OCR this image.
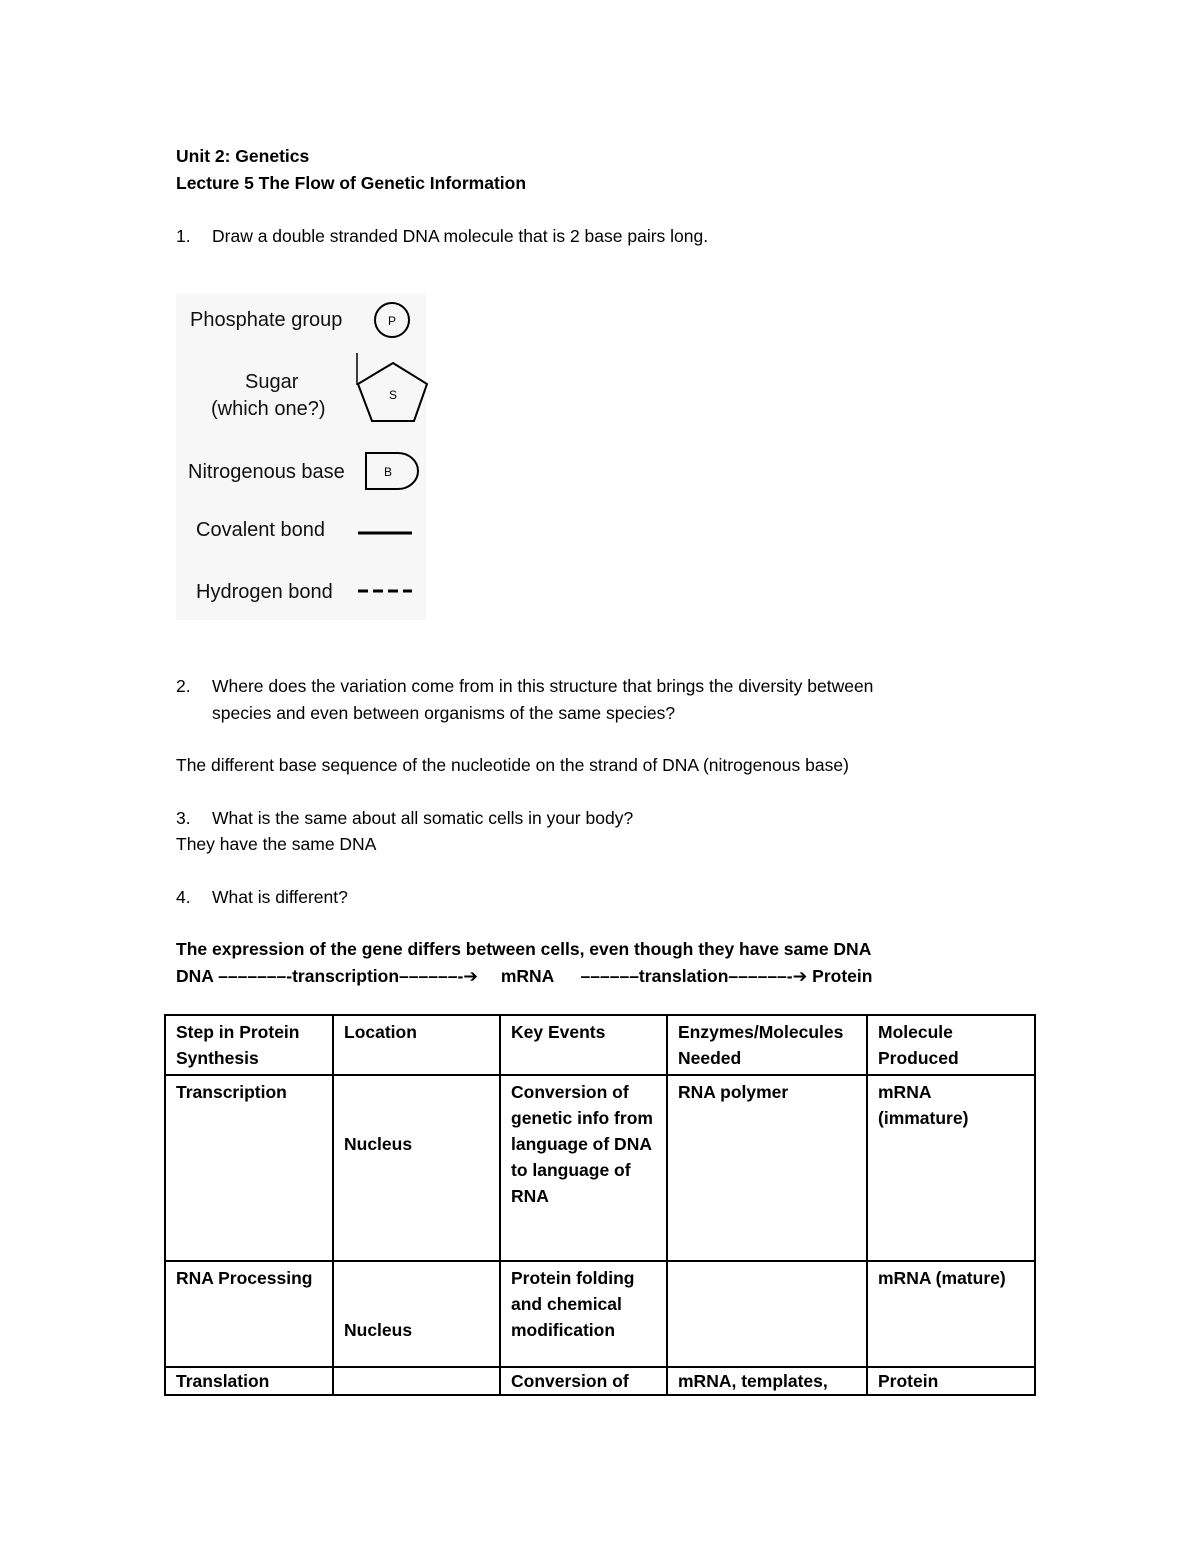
Unit 2: Genetics
Lecture 5 The Flow of Genetic Information
1. Draw a double stranded DNA molecule that is 2 base pairs long.
Phosphate group
Sugar
(which one?)
Nitrogenous base
Covalent bond
Hydrogen bond
P
S
B
2. Where does the variation come from in this structure that brings the diversity between
species and even between organisms of the same species?
The different base sequence of the nucleotide on the strand of DNA (nitrogenous base)
3. What is the same about all somatic cells in your body?
They have the same DNA
4. What is different?
The expression of the gene differs between cells, even though they have same DNA
DNA –––––––-transcription––––––-➔ mRNA ––––––translation––––––-➔ Protein
Step in Protein Synthesis	Location	Key Events	Enzymes/Molecules Needed	Molecule Produced
Transcription	Nucleus	Conversion of genetic info from language of DNA to language of RNA	RNA polymer	mRNA (immature)
RNA Processing	Nucleus	Protein folding and chemical modification		mRNA (mature)
Translation		Conversion of	mRNA, templates,	Protein
